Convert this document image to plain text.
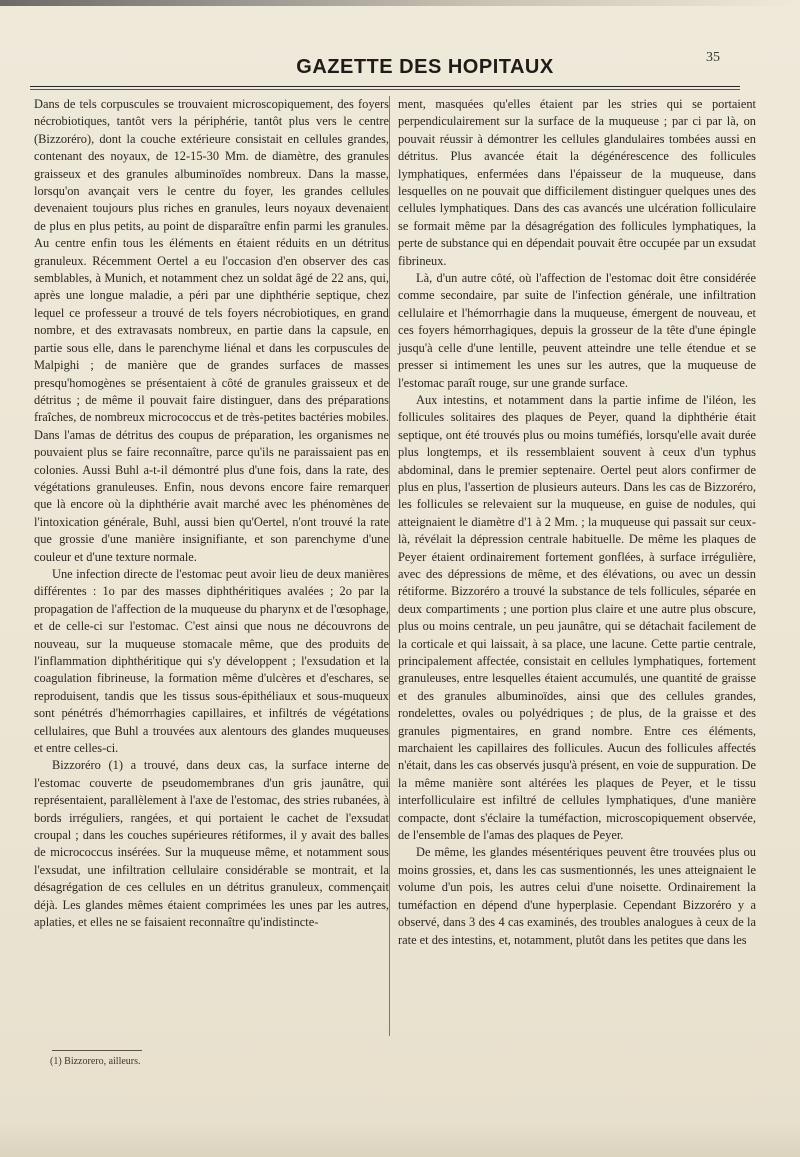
GAZETTE DES HOPITAUX	35

Dans de tels corpuscules se trouvaient microscopiquement, des foyers nécrobiotiques, tantôt vers la périphérie, tantôt plus vers le centre (Bizzoréro), dont la couche extérieure consistait en cellules grandes, contenant des noyaux, de 12-15-30 Mm. de diamètre, des granules graisseux et des granules albuminoïdes nombreux. Dans la masse, lorsqu'on avançait vers le centre du foyer, les grandes cellules devenaient toujours plus riches en granules, leurs noyaux devenaient de plus en plus petits, au point de disparaître enfin parmi les granules. Au centre enfin tous les éléments en étaient réduits en un détritus granuleux. Récemment Oertel a eu l'occasion d'en observer des cas semblables, à Munich, et notamment chez un soldat âgé de 22 ans, qui, après une longue maladie, a péri par une diphthérie septique, chez lequel ce professeur a trouvé de tels foyers nécrobiotiques, en grand nombre, et des extravasats nombreux, en partie dans la capsule, en partie sous elle, dans le parenchyme liénal et dans les corpuscules de Malpighi ; de manière que de grandes surfaces de masses presqu'homogènes se présentaient à côté de granules graisseux et de détritus ; de même il pouvait faire distinguer, dans des préparations fraîches, de nombreux micrococcus et de très-petites bactéries mobiles. Dans l'amas de détritus des coupus de préparation, les organismes ne pouvaient plus se faire reconnaître, parce qu'ils ne paraissaient pas en colonies. Aussi Buhl a-t-il démontré plus d'une fois, dans la rate, des végétations granuleuses. Enfin, nous devons encore faire remarquer que là encore où la diphthérie avait marché avec les phénomènes de l'intoxication générale, Buhl, aussi bien qu'Oertel, n'ont trouvé la rate que grossie d'une manière insignifiante, et son parenchyme d'une couleur et d'une texture normale.

Une infection directe de l'estomac peut avoir lieu de deux manières différentes : 1o par des masses diphthéritiques avalées ; 2o par la propagation de l'affection de la muqueuse du pharynx et de l'œsophage, et de celle-ci sur l'estomac. C'est ainsi que nous ne découvrons de nouveau, sur la muqueuse stomacale même, que des produits de l'inflammation diphthéritique qui s'y développent ; l'exsudation et la coagulation fibrineuse, la formation même d'ulcères et d'eschares, se reproduisent, tandis que les tissus sous-épithéliaux et sous-muqueux sont pénétrés d'hémorrhagies capillaires, et infiltrés de végétations cellulaires, que Buhl a trouvées aux alentours des glandes muqueuses et entre celles-ci.

Bizzoréro (1) a trouvé, dans deux cas, la surface interne de l'estomac couverte de pseudomembranes d'un gris jaunâtre, qui représentaient, parallèlement à l'axe de l'estomac, des stries rubanées, à bords irréguliers, rangées, et qui portaient le cachet de l'exsudat croupal ; dans les couches supérieures rétiformes, il y avait des balles de micrococcus insérées. Sur la muqueuse même, et notamment sous l'exsudat, une infiltration cellulaire considérable se montrait, et la désagrégation de ces cellules en un détritus granuleux, commençait déjà. Les glandes mêmes étaient comprimées les unes par les autres, aplaties, et elles ne se faisaient reconnaître qu'indistincte-

ment, masquées qu'elles étaient par les stries qui se portaient perpendiculairement sur la surface de la muqueuse ; par ci par là, on pouvait réussir à démontrer les cellules glandulaires tombées aussi en détritus. Plus avancée était la dégénérescence des follicules lymphatiques, enfermées dans l'épaisseur de la muqueuse, dans lesquelles on ne pouvait que difficilement distinguer quelques unes des cellules lymphatiques. Dans des cas avancés une ulcération folliculaire se formait même par la désagrégation des follicules lymphatiques, la perte de substance qui en dépendait pouvait être occupée par un exsudat fibrineux.

Là, d'un autre côté, où l'affection de l'estomac doit être considérée comme secondaire, par suite de l'infection générale, une infiltration cellulaire et l'hémorrhagie dans la muqueuse, émergent de nouveau, et ces foyers hémorrhagiques, depuis la grosseur de la tête d'une épingle jusqu'à celle d'une lentille, peuvent atteindre une telle étendue et se presser si intimement les unes sur les autres, que la muqueuse de l'estomac paraît rouge, sur une grande surface.

Aux intestins, et notamment dans la partie infime de l'iléon, les follicules solitaires des plaques de Peyer, quand la diphthérie était septique, ont été trouvés plus ou moins tuméfiés, lorsqu'elle avait durée plus longtemps, et ils ressemblaient souvent à ceux d'un typhus abdominal, dans le premier septenaire. Oertel peut alors confirmer de plus en plus, l'assertion de plusieurs auteurs. Dans les cas de Bizzoréro, les follicules se relevaient sur la muqueuse, en guise de nodules, qui atteignaient le diamètre d'1 à 2 Mm. ; la muqueuse qui passait sur ceux-là, révélait la dépression centrale habituelle. De même les plaques de Peyer étaient ordinairement fortement gonflées, à surface irrégulière, avec des dépressions de même, et des élévations, ou avec un dessin rétiforme. Bizzoréro a trouvé la substance de tels follicules, séparée en deux compartiments ; une portion plus claire et une autre plus obscure, plus ou moins centrale, un peu jaunâtre, qui se détachait facilement de la corticale et qui laissait, à sa place, une lacune. Cette partie centrale, principalement affectée, consistait en cellules lymphatiques, fortement granuleuses, entre lesquelles étaient accumulés, une quantité de graisse et des granules albuminoïdes, ainsi que des cellules grandes, rondelettes, ovales ou polyédriques ; de plus, de la graisse et des granules pigmentaires, en grand nombre. Entre ces éléments, marchaient les capillaires des follicules. Aucun des follicules affectés n'était, dans les cas observés jusqu'à présent, en voie de suppuration. De la même manière sont altérées les plaques de Peyer, et le tissu interfolliculaire est infiltré de cellules lymphatiques, d'une manière compacte, dont s'éclaire la tuméfaction, microscopiquement observée, de l'ensemble de l'amas des plaques de Peyer.

De même, les glandes mésentériques peuvent être trouvées plus ou moins grossies, et, dans les cas susmentionnés, les unes atteignaient le volume d'un pois, les autres celui d'une noisette. Ordinairement la tuméfaction en dépend d'une hyperplasie. Cependant Bizzoréro y a observé, dans 3 des 4 cas examinés, des troubles analogues à ceux de la rate et des intestins, et, notamment, plutôt dans les petites que dans les

(1) Bizzorero, ailleurs.
